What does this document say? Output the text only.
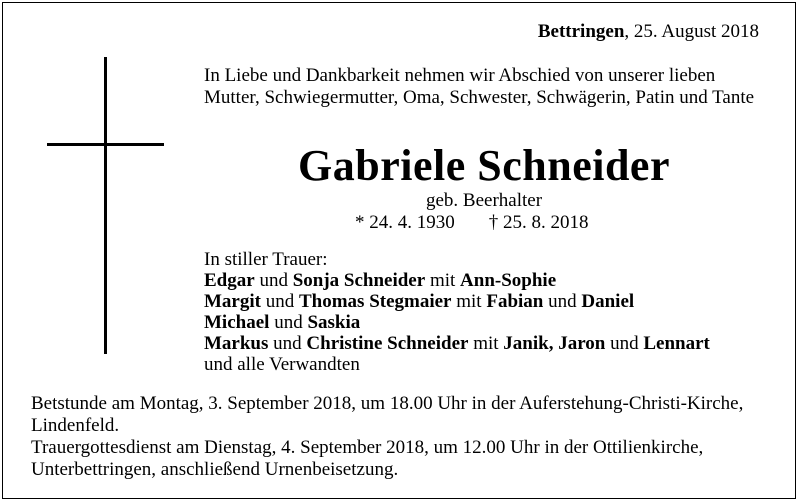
Bettringen, 25. August 2018
In Liebe und Dankbarkeit nehmen wir Abschied von unserer lieben Mutter, Schwiegermutter, Oma, Schwester, Schwägerin, Patin und Tante
Gabriele Schneider
geb. Beerhalter
* 24. 4. 1930 † 25. 8. 2018
In stiller Trauer:
Edgar und Sonja Schneider mit Ann-Sophie
Margit und Thomas Stegmaier mit Fabian und Daniel
Michael und Saskia
Markus und Christine Schneider mit Janik, Jaron und Lennart
und alle Verwandten
Betstunde am Montag, 3. September 2018, um 18.00 Uhr in der Auferstehung-Christi-Kirche, Lindenfeld.
Trauergottesdienst am Dienstag, 4. September 2018, um 12.00 Uhr in der Ottilienkirche, Unterbettringen, anschließend Urnenbeisetzung.
